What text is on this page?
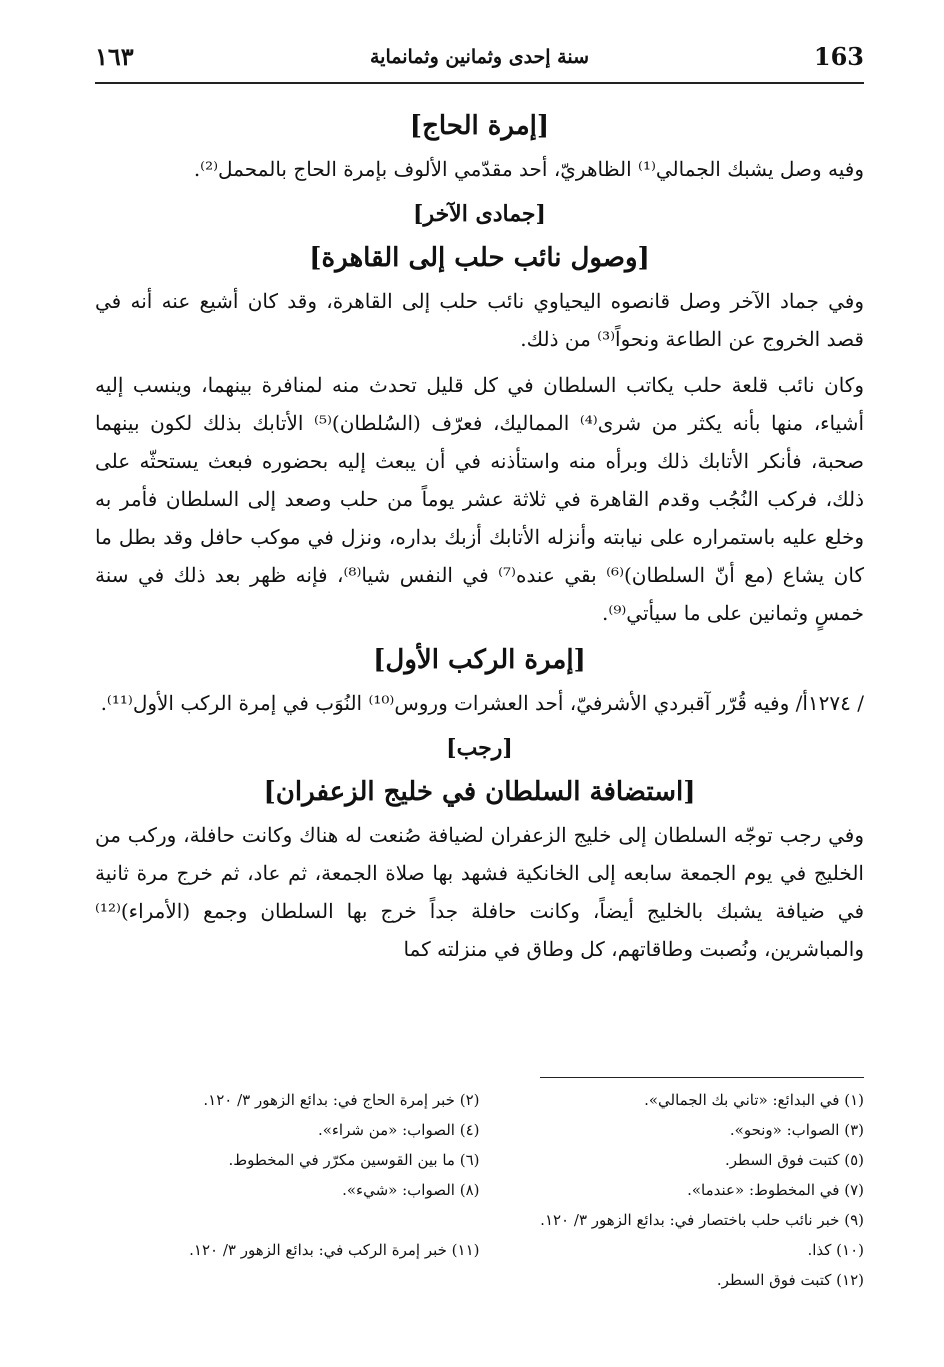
١٦٣	سنة إحدى وثمانين وثمانماية	163
[إمرة الحاج]

وفيه وصل يشبك الجمالي⁽¹⁾ الظاهريّ، أحد مقدّمي الألوف بإمرة الحاج بالمحمل⁽²⁾.

[جمادى الآخر]
[وصول نائب حلب إلى القاهرة]

وفي جماد الآخر وصل قانصوه اليحياوي نائب حلب إلى القاهرة، وقد كان أشيع عنه أنه في قصد الخروج عن الطاعة ونحواً⁽³⁾ من ذلك.

وكان نائب قلعة حلب يكاتب السلطان في كل قليل تحدث منه لمنافرة بينهما، وينسب إليه أشياء، منها بأنه يكثر من شرى⁽⁴⁾ المماليك، فعرّف (السُلطان)⁽⁵⁾ الأتابك بذلك لكون بينهما صحبة، فأنكر الأتابك ذلك وبرأه منه واستأذنه في أن يبعث إليه بحضوره فبعث يستحثّه على ذلك، فركب النُجُب وقدم القاهرة في ثلاثة عشر يوماً من حلب وصعد إلى السلطان فأمر به وخلع عليه باستمراره على نيابته وأنزله الأتابك أزبك بداره، ونزل في موكب حافل وقد بطل ما كان يشاع (مع أنّ السلطان)⁽⁶⁾ بقي عنده⁽⁷⁾ في النفس شيا⁽⁸⁾، فإنه ظهر بعد ذلك في سنة خمسٍ وثمانين على ما سيأتي⁽⁹⁾.

[إمرة الركب الأول]

/ ١٢٧٤أ/ وفيه قُرّر آقبردي الأشرفيّ، أحد العشرات وروس⁽¹⁰⁾ النُوَب في إمرة الركب الأول⁽¹¹⁾.

[رجب]
[استضافة السلطان في خليج الزعفران]

وفي رجب توجّه السلطان إلى خليج الزعفران لضيافة صُنعت له هناك وكانت حافلة، وركب من الخليج في يوم الجمعة سابعه إلى الخانكية فشهد بها صلاة الجمعة، ثم عاد، ثم خرج مرة ثانية في ضيافة يشبك بالخليج أيضاً، وكانت حافلة جداً خرج بها السلطان وجمع (الأمراء)⁽¹²⁾ والمباشرين، ونُصبت وطاقاتهم، كل وطاق في منزلته كما

(١) في البدائع: «تاني بك الجمالي».
(٢) خبر إمرة الحاج في: بدائع الزهور ٣/ ١٢٠.
(٣) الصواب: «ونحو».
(٤) الصواب: «من شراء».
(٥) كتبت فوق السطر.
(٦) ما بين القوسين مكرّر في المخطوط.
(٧) في المخطوط: «عندما».
(٨) الصواب: «شيء».
(٩) خبر نائب حلب باختصار في: بدائع الزهور ٣/ ١٢٠.
(١٠) كذا.
(١١) خبر إمرة الركب في: بدائع الزهور ٣/ ١٢٠.
(١٢) كتبت فوق السطر.
